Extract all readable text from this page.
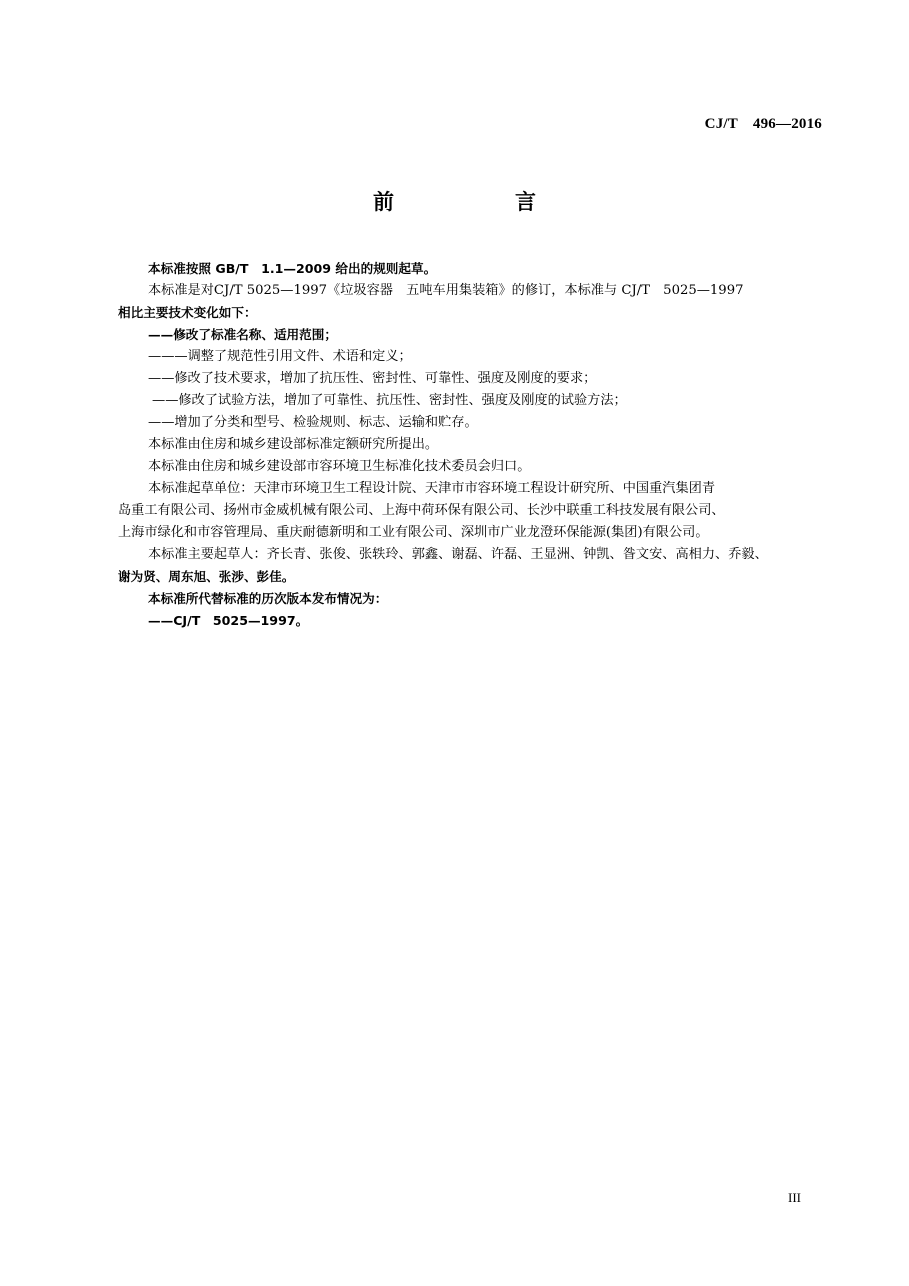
CJ/T　496—2016
前　言

本标准按照 GB/T　1.1—2009 给出的规则起草。

本标准是对CJ/T 5025—1997《垃圾容器　五吨车用集装箱》的修订，本标准与 CJ/T　5025—1997

相比主要技术变化如下：

——修改了标准名称、适用范围；

———调整了规范性引用文件、术语和定义；

——修改了技术要求，增加了抗压性、密封性、可靠性、强度及刚度的要求；

——修改了试验方法，增加了可靠性、抗压性、密封性、强度及刚度的试验方法；

——增加了分类和型号、检验规则、标志、运输和贮存。

本标准由住房和城乡建设部标准定额研究所提出。

本标准由住房和城乡建设部市容环境卫生标准化技术委员会归口。

本标准起草单位：天津市环境卫生工程设计院、天津市市容环境工程设计研究所、中国重汽集团青

岛重工有限公司、扬州市金威机械有限公司、上海中荷环保有限公司、长沙中联重工科技发展有限公司、

上海市绿化和市容管理局、重庆耐德新明和工业有限公司、深圳市广业龙澄环保能源(集团)有限公司。

本标准主要起草人：齐长青、张俊、张轶玲、郭鑫、谢磊、许磊、王显洲、钟凯、昝文安、高相力、乔毅、

谢为贤、周东旭、张涉、彭佳。

本标准所代替标准的历次版本发布情况为：

——CJ/T　5025—1997。

III
